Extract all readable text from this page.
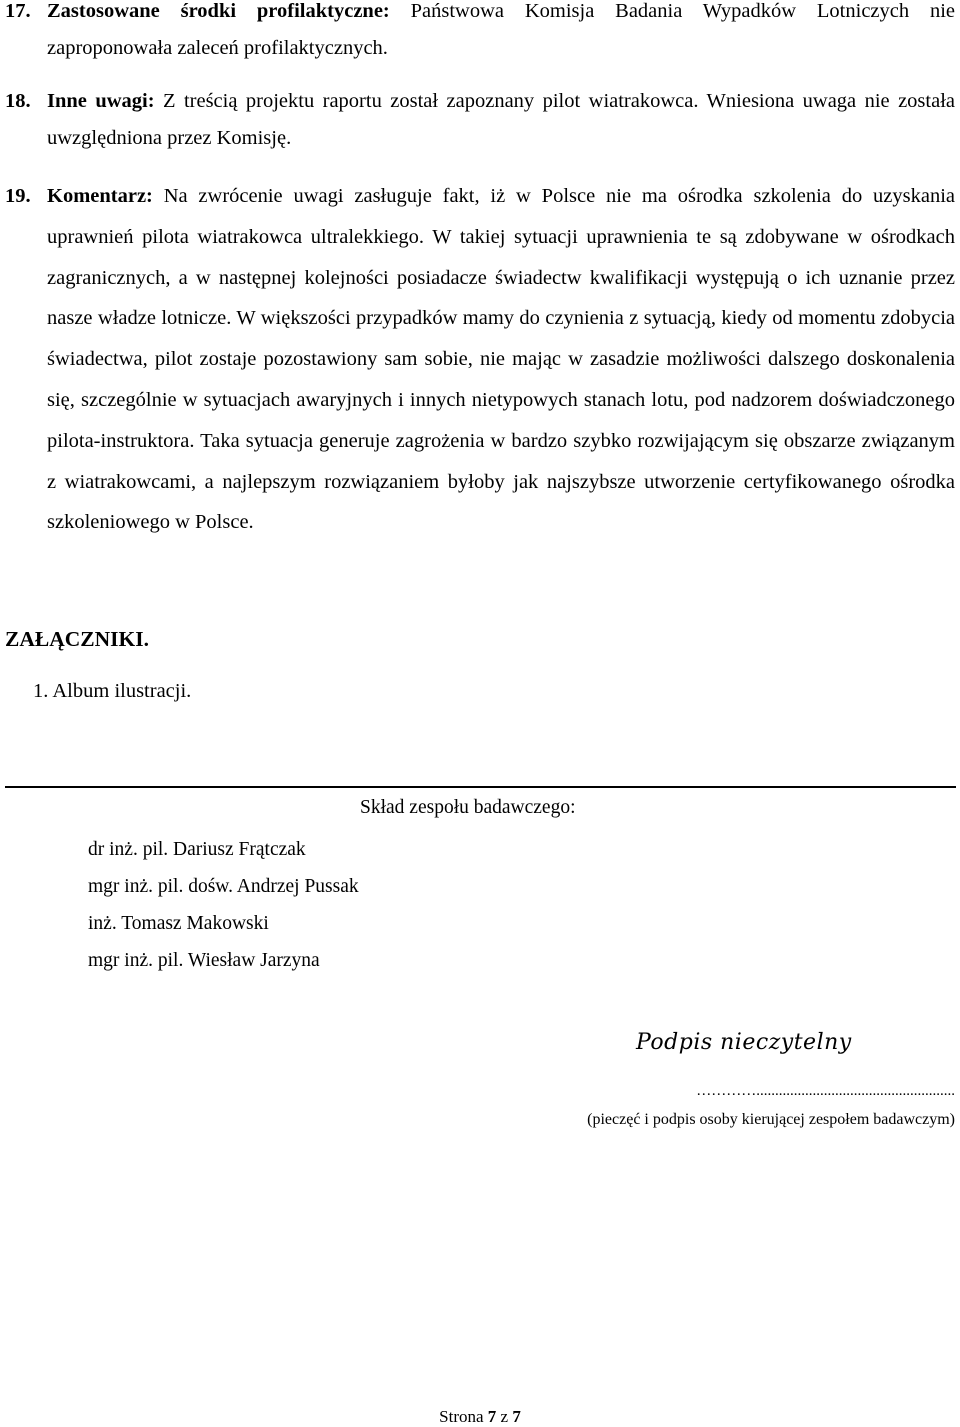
17. Zastosowane środki profilaktyczne: Państwowa Komisja Badania Wypadków Lotniczych nie zaproponowała zaleceń profilaktycznych.
18. Inne uwagi: Z treścią projektu raportu został zapoznany pilot wiatrakowca. Wniesiona uwaga nie została uwzględniona przez Komisję.
19. Komentarz: Na zwrócenie uwagi zasługuje fakt, iż w Polsce nie ma ośrodka szkolenia do uzyskania uprawnień pilota wiatrakowca ultralekkiego. W takiej sytuacji uprawnienia te są zdobywane w ośrodkach zagranicznych, a w następnej kolejności posiadacze świadectw kwalifikacji występują o ich uznanie przez nasze władze lotnicze. W większości przypadków mamy do czynienia z sytuacją, kiedy od momentu zdobycia świadectwa, pilot zostaje pozostawiony sam sobie, nie mając w zasadzie możliwości dalszego doskonalenia się, szczególnie w sytuacjach awaryjnych i innych nietypowych stanach lotu, pod nadzorem doświadczonego pilota-instruktora. Taka sytuacja generuje zagrożenia w bardzo szybko rozwijającym się obszarze związanym z wiatrakowcami, a najlepszym rozwiązaniem byłoby jak najszybsze utworzenie certyfikowanego ośrodka szkoleniowego w Polsce.
ZAŁĄCZNIKI.
1. Album ilustracji.
Skład zespołu badawczego:
dr inż. pil. Dariusz Frątczak
mgr inż. pil. dośw. Andrzej Pussak
inż. Tomasz Makowski
mgr inż. pil. Wiesław Jarzyna
Podpis nieczytelny
………….....................................................
(pieczęć i podpis osoby kierującej zespołem badawczym)
Strona 7 z 7
